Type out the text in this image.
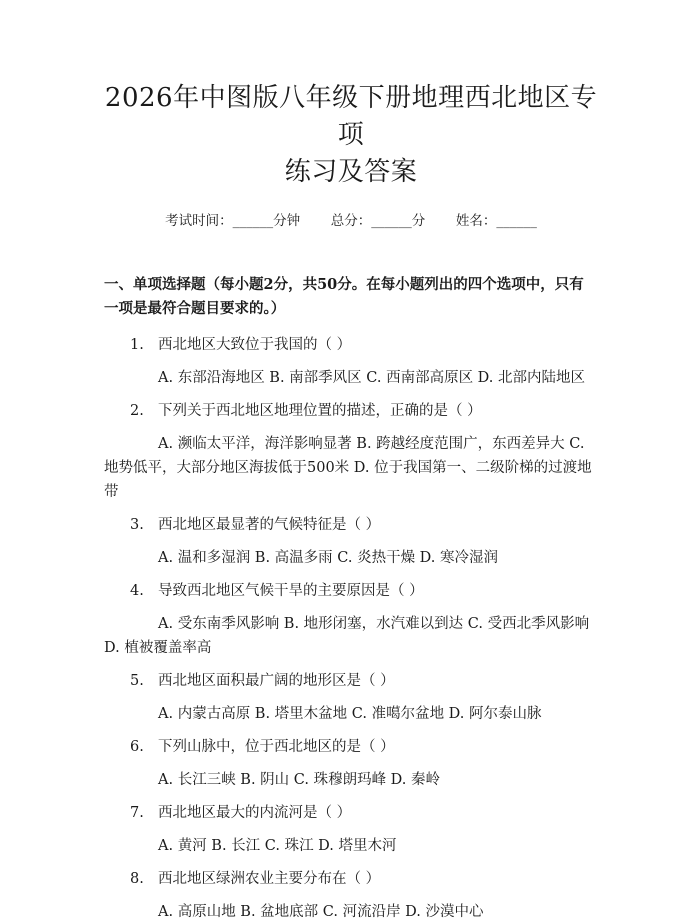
2026年中图版八年级下册地理西北地区专项
练习及答案
考试时间：______分钟 总分：______分 姓名：______
一、单项选择题（每小题2分，共50分。在每小题列出的四个选项中，只有一项是最符合题目要求的。）
1. 西北地区大致位于我国的（ ）
A. 东部沿海地区 B. 南部季风区 C. 西南部高原区 D. 北部内陆地区
2. 下列关于西北地区地理位置的描述，正确的是（ ）
A. 濒临太平洋，海洋影响显著 B. 跨越经度范围广，东西差异大 C. 地势低平，大部分地区海拔低于500米 D. 位于我国第一、二级阶梯的过渡地带
3. 西北地区最显著的气候特征是（ ）
A. 温和多湿润 B. 高温多雨 C. 炎热干燥 D. 寒冷湿润
4. 导致西北地区气候干旱的主要原因是（ ）
A. 受东南季风影响 B. 地形闭塞，水汽难以到达 C. 受西北季风影响 D. 植被覆盖率高
5. 西北地区面积最广阔的地形区是（ ）
A. 内蒙古高原 B. 塔里木盆地 C. 准噶尔盆地 D. 阿尔泰山脉
6. 下列山脉中，位于西北地区的是（ ）
A. 长江三峡 B. 阴山 C. 珠穆朗玛峰 D. 秦岭
7. 西北地区最大的内流河是（ ）
A. 黄河 B. 长江 C. 珠江 D. 塔里木河
8. 西北地区绿洲农业主要分布在（ ）
A. 高原山地 B. 盆地底部 C. 河流沿岸 D. 沙漠中心
